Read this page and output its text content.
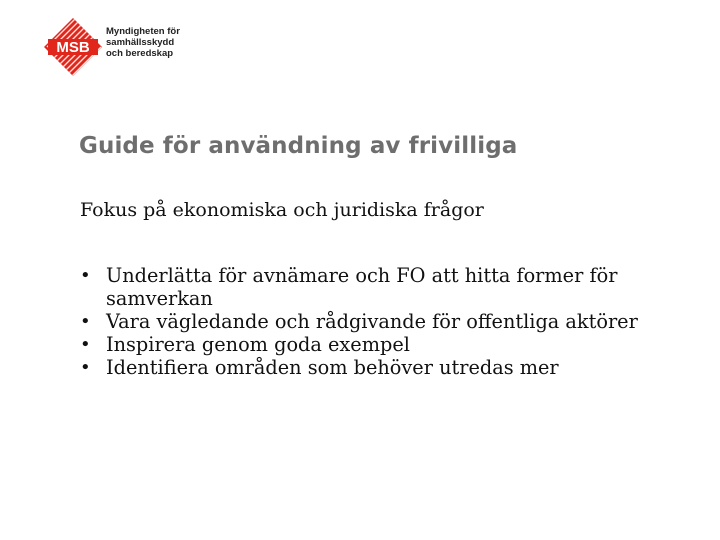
MSB
Myndigheten för
samhällsskydd
och beredskap
Guide för användning av frivilliga
Fokus på ekonomiska och juridiska frågor
• Underlätta för avnämare och FO att hitta former för samverkan
• Vara vägledande och rådgivande för offentliga aktörer
• Inspirera genom goda exempel
• Identifiera områden som behöver utredas mer
